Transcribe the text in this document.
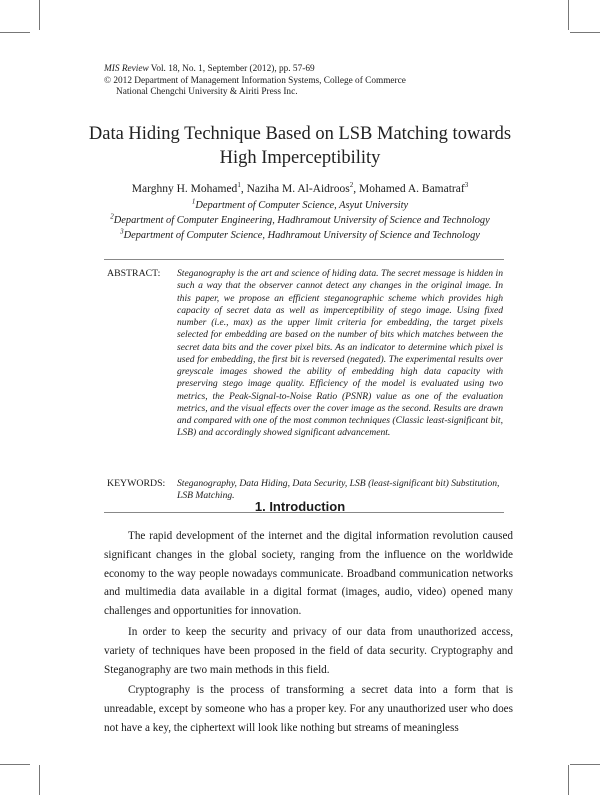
MIS Review Vol. 18, No. 1, September (2012), pp. 57-69
© 2012 Department of Management Information Systems, College of Commerce
National Chengchi University & Airiti Press Inc.
Data Hiding Technique Based on LSB Matching towards
High Imperceptibility
Marghny H. Mohamed$^1$, Naziha M. Al-Aidroos$^2$, Mohamed A. Bamatraf$^3$
$^1$Department of Computer Science, Asyut University
$^2$Department of Computer Engineering, Hadhramout University of Science and Technology
$^3$Department of Computer Science, Hadhramout University of Science and Technology
ABSTRACT: Steganography is the art and science of hiding data. The secret message is hidden in such a way that the observer cannot detect any changes in the original image. In this paper, we propose an efficient steganographic scheme which provides high capacity of secret data as well as imperceptibility of stego image. Using fixed number (i.e., max) as the upper limit criteria for embedding, the target pixels selected for embedding are based on the number of bits which matches between the secret data bits and the cover pixel bits. As an indicator to determine which pixel is used for embedding, the first bit is reversed (negated). The experimental results over greyscale images showed the ability of embedding high data capacity with preserving stego image quality. Efficiency of the model is evaluated using two metrics, the Peak-Signal-to-Noise Ratio (PSNR) value as one of the evaluation metrics, and the visual effects over the cover image as the second. Results are drawn and compared with one of the most common techniques (Classic least-significant bit, LSB) and accordingly showed significant advancement.
KEYWORDS: Steganography, Data Hiding, Data Security, LSB (least-significant bit) Substitution, LSB Matching.
1. Introduction
The rapid development of the internet and the digital information revolution caused significant changes in the global society, ranging from the influence on the worldwide economy to the way people nowadays communicate. Broadband communication networks and multimedia data available in a digital format (images, audio, video) opened many challenges and opportunities for innovation.
In order to keep the security and privacy of our data from unauthorized access, variety of techniques have been proposed in the field of data security. Cryptography and Steganography are two main methods in this field.
Cryptography is the process of transforming a secret data into a form that is unreadable, except by someone who has a proper key. For any unauthorized user who does not have a key, the ciphertext will look like nothing but streams of meaningless
